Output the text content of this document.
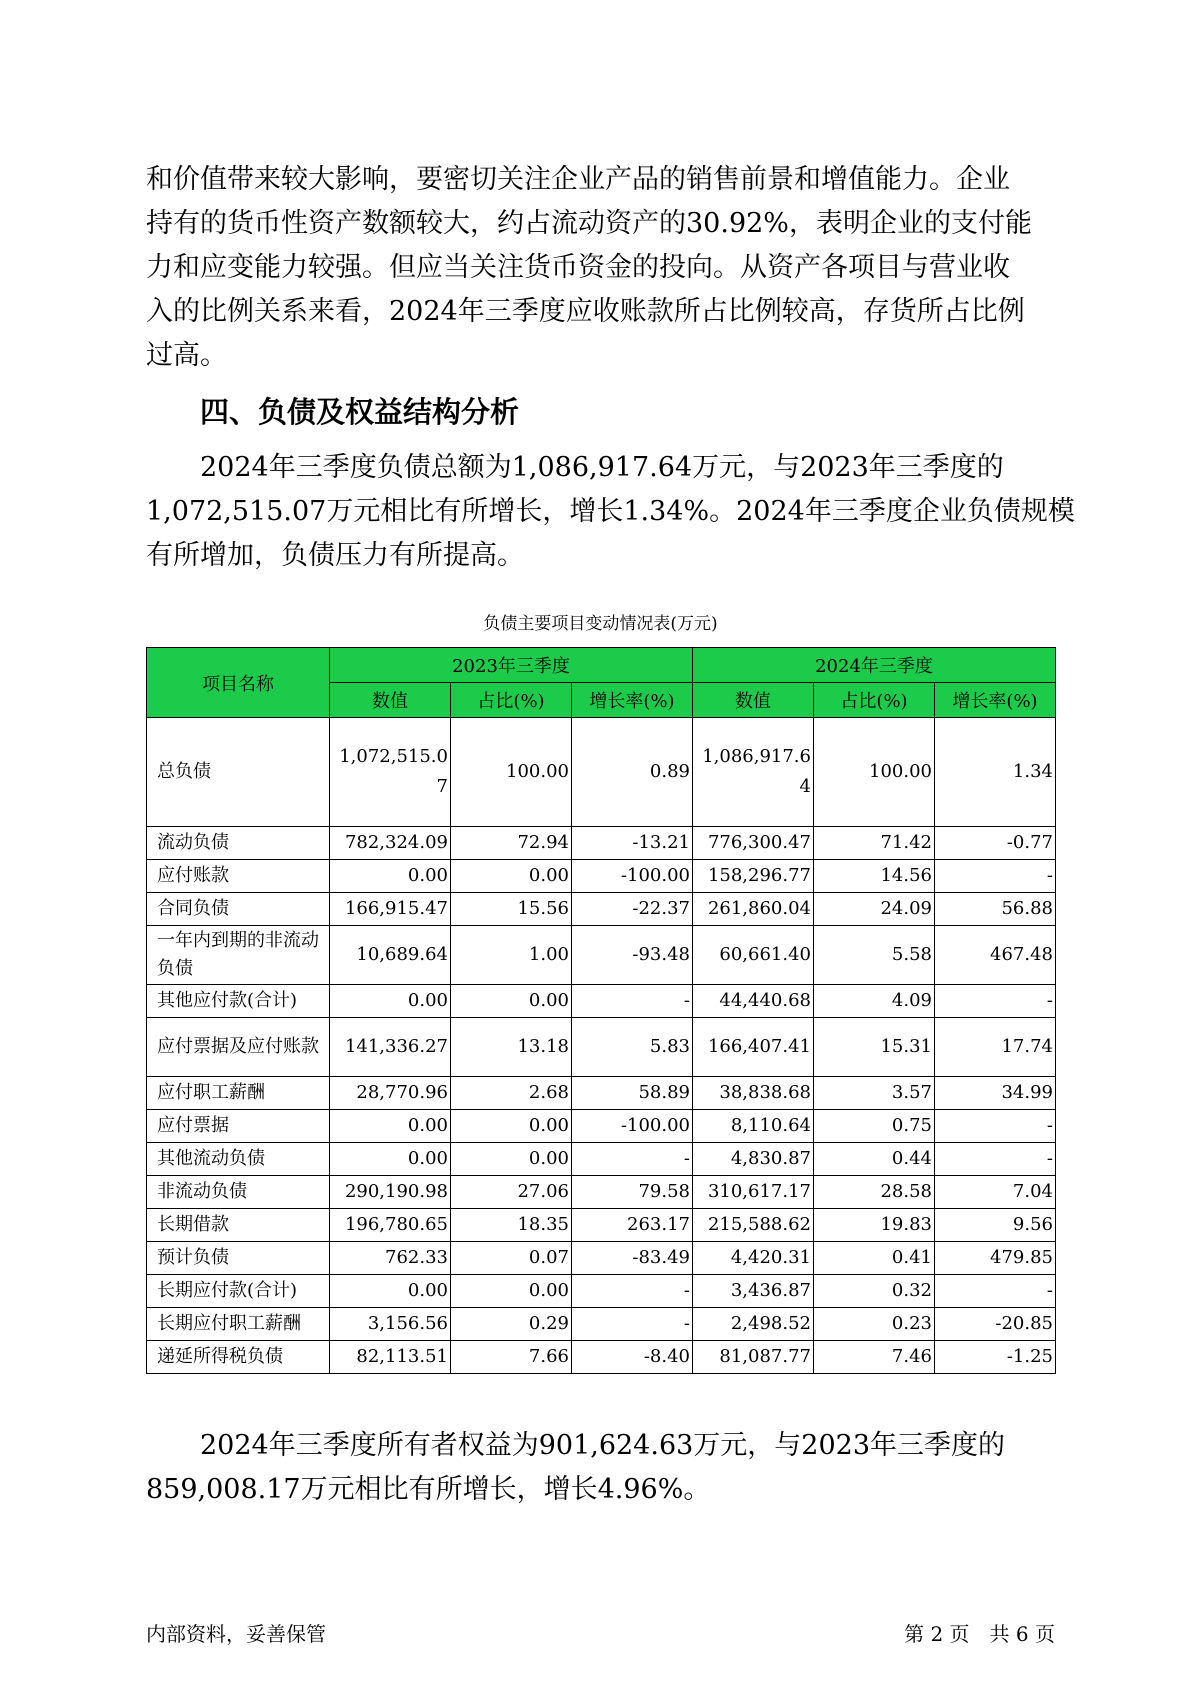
和价值带来较大影响，要密切关注企业产品的销售前景和增值能力。企业
持有的货币性资产数额较大，约占流动资产的30.92%，表明企业的支付能
力和应变能力较强。但应当关注货币资金的投向。从资产各项目与营业收
入的比例关系来看，2024年三季度应收账款所占比例较高，存货所占比例
过高。
四、负债及权益结构分析
　　2024年三季度负债总额为1,086,917.64万元，与2023年三季度的
1,072,515.07万元相比有所增长，增长1.34%。2024年三季度企业负债规模
有所增加，负债压力有所提高。
负债主要项目变动情况表(万元)
项目名称	2023年三季度			2024年三季度		
	数值	占比(%)	增长率(%)	数值	占比(%)	增长率(%)
总负债	1,072,515.07	100.00	0.89	1,086,917.64	100.00	1.34
流动负债	782,324.09	72.94	-13.21	776,300.47	71.42	-0.77
应付账款	0.00	0.00	-100.00	158,296.77	14.56	-
合同负债	166,915.47	15.56	-22.37	261,860.04	24.09	56.88
一年内到期的非流动负债	10,689.64	1.00	-93.48	60,661.40	5.58	467.48
其他应付款(合计)	0.00	0.00	-	44,440.68	4.09	-
应付票据及应付账款	141,336.27	13.18	5.83	166,407.41	15.31	17.74
应付职工薪酬	28,770.96	2.68	58.89	38,838.68	3.57	34.99
应付票据	0.00	0.00	-100.00	8,110.64	0.75	-
其他流动负债	0.00	0.00	-	4,830.87	0.44	-
非流动负债	290,190.98	27.06	79.58	310,617.17	28.58	7.04
长期借款	196,780.65	18.35	263.17	215,588.62	19.83	9.56
预计负债	762.33	0.07	-83.49	4,420.31	0.41	479.85
长期应付款(合计)	0.00	0.00	-	3,436.87	0.32	-
长期应付职工薪酬	3,156.56	0.29	-	2,498.52	0.23	-20.85
递延所得税负债	82,113.51	7.66	-8.40	81,087.77	7.46	-1.25
　　2024年三季度所有者权益为901,624.63万元，与2023年三季度的
859,008.17万元相比有所增长，增长4.96%。
内部资料，妥善保管	第 2 页　共 6 页
